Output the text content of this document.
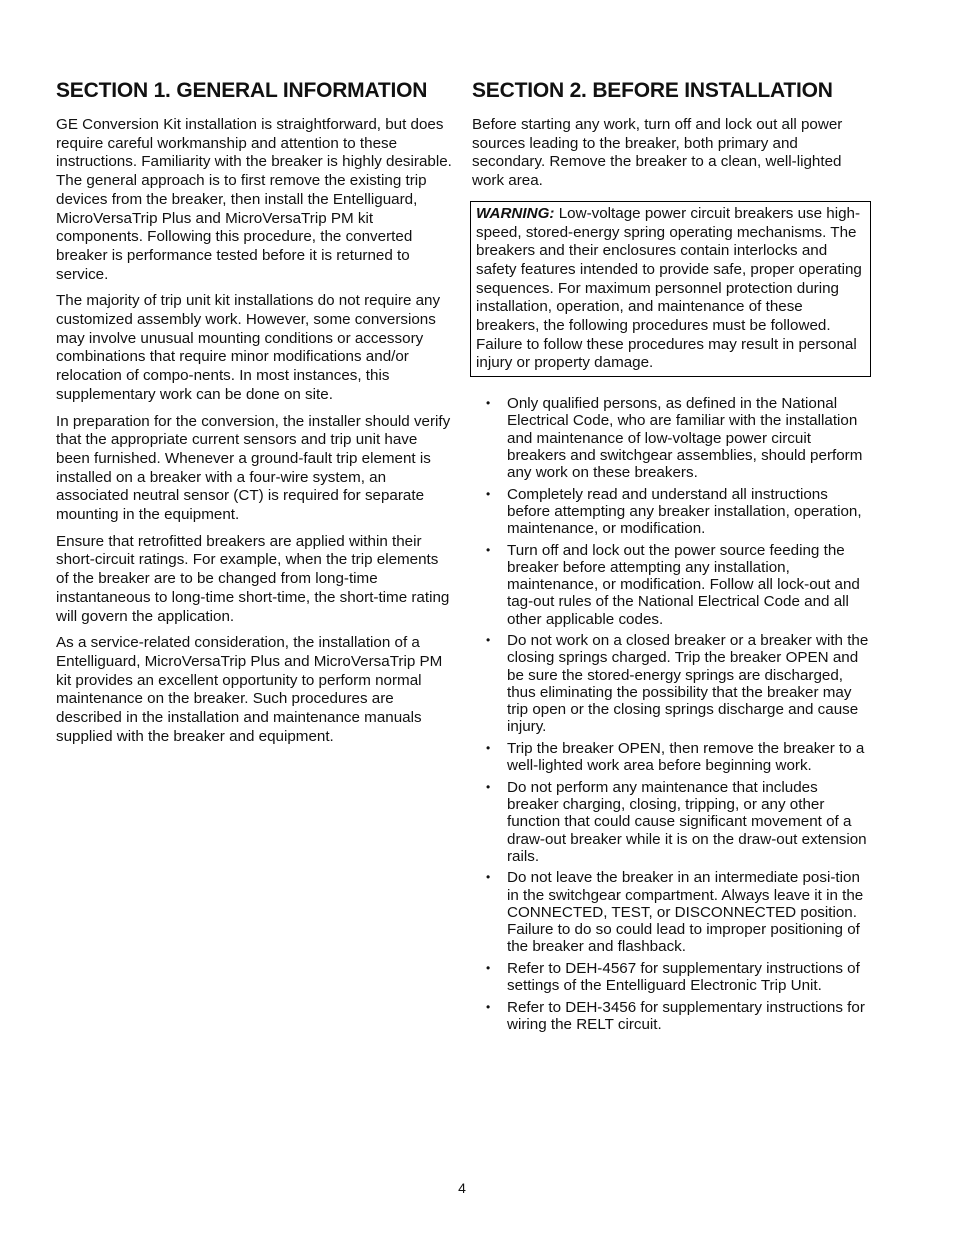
SECTION 1. GENERAL INFORMATION

GE Conversion Kit installation is straightforward, but does require careful workmanship and attention to these instructions. Familiarity with the breaker is highly desirable. The general approach is to first remove the existing trip devices from the breaker, then install the Entelliguard, MicroVersaTrip Plus and MicroVersaTrip PM kit components. Following this procedure, the converted breaker is performance tested before it is returned to service.

The majority of trip unit kit installations do not require any customized assembly work. However, some conversions may involve unusual mounting conditions or accessory combinations that require minor modifications and/or relocation of compo-nents. In most instances, this supplementary work can be done on site.

In preparation for the conversion, the installer should verify that the appropriate current sensors and trip unit have been furnished. Whenever a ground-fault trip element is installed on a breaker with a four-wire system, an associated neutral sensor (CT) is required for separate mounting in the equipment.

Ensure that retrofitted breakers are applied within their short-circuit ratings. For example, when the trip elements of the breaker are to be changed from long-time instantaneous to long-time short-time, the short-time rating will govern the application.

As a service-related consideration, the installation of a Entelliguard, MicroVersaTrip Plus and MicroVersaTrip PM kit provides an excellent opportunity to perform normal maintenance on the breaker. Such procedures are described in the installation and maintenance manuals supplied with the breaker and equipment.

SECTION 2. BEFORE INSTALLATION

Before starting any work, turn off and lock out all power sources leading to the breaker, both primary and secondary. Remove the breaker to a clean, well-lighted work area.

WARNING: Low-voltage power circuit breakers use high-speed, stored-energy spring operating mechanisms. The breakers and their enclosures contain interlocks and safety features intended to provide safe, proper operating sequences. For maximum personnel protection during installation, operation, and maintenance of these breakers, the following procedures must be followed. Failure to follow these procedures may result in personal injury or property damage.

• Only qualified persons, as defined in the National Electrical Code, who are familiar with the installation and maintenance of low-voltage power circuit breakers and switchgear assemblies, should perform any work on these breakers.
• Completely read and understand all instructions before attempting any breaker installation, operation, maintenance, or modification.
• Turn off and lock out the power source feeding the breaker before attempting any installation, maintenance, or modification. Follow all lock-out and tag-out rules of the National Electrical Code and all other applicable codes.
• Do not work on a closed breaker or a breaker with the closing springs charged. Trip the breaker OPEN and be sure the stored-energy springs are discharged, thus eliminating the possibility that the breaker may trip open or the closing springs discharge and cause injury.
• Trip the breaker OPEN, then remove the breaker to a well-lighted work area before beginning work.
• Do not perform any maintenance that includes breaker charging, closing, tripping, or any other function that could cause significant movement of a draw-out breaker while it is on the draw-out extension rails.
• Do not leave the breaker in an intermediate posi-tion in the switchgear compartment. Always leave it in the CONNECTED, TEST, or DISCONNECTED position. Failure to do so could lead to improper positioning of the breaker and flashback.
• Refer to DEH-4567 for supplementary instructions of settings of the Entelliguard Electronic Trip Unit.
• Refer to DEH-3456 for supplementary instructions for wiring the RELT circuit.
4
